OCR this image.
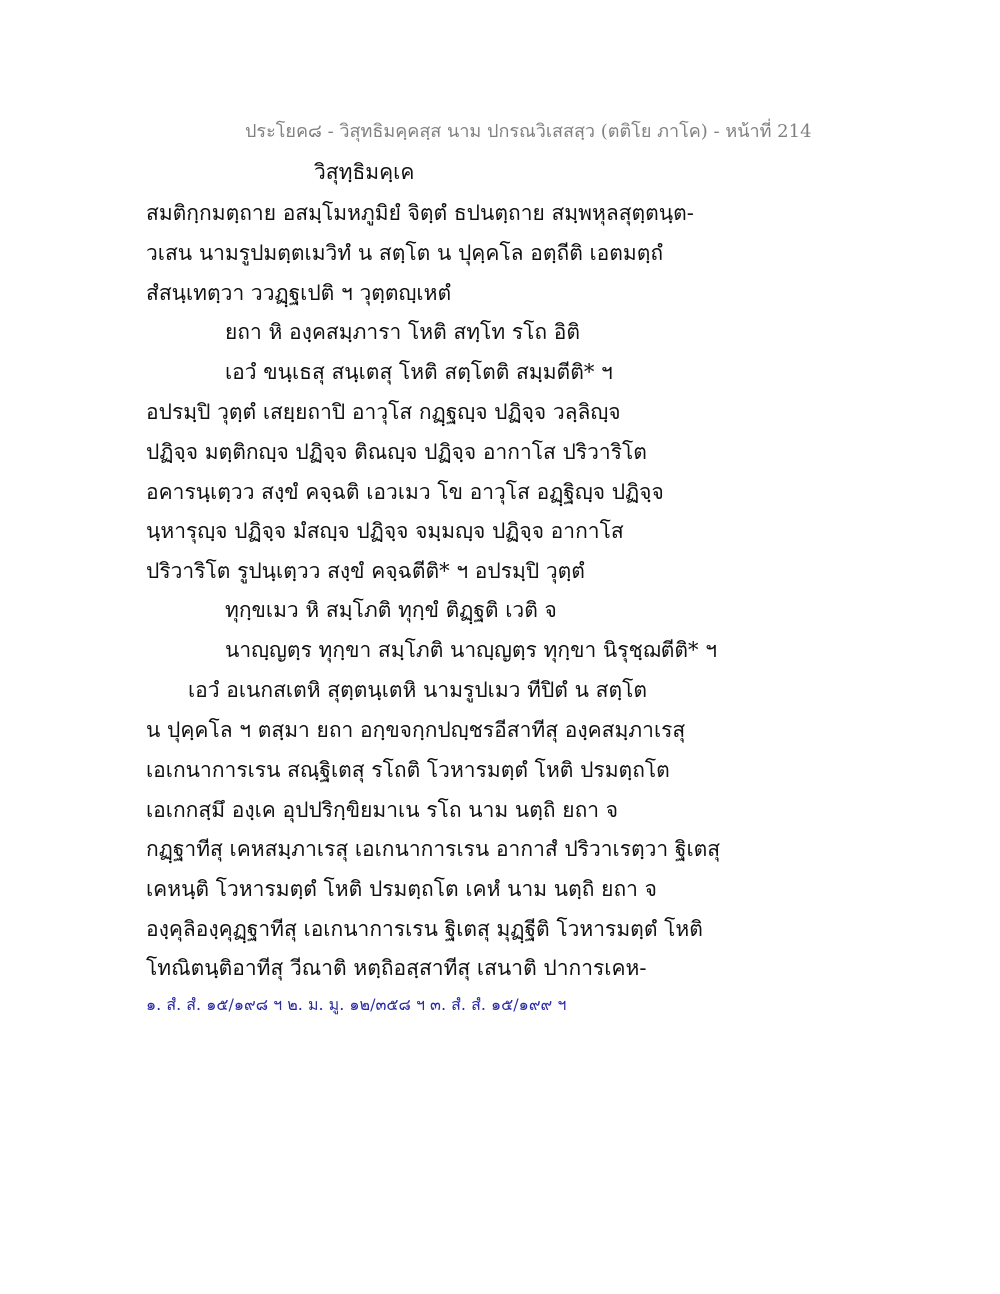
ประโยค๘ - วิสุทธิมคฺคสฺส นาม ปกรณวิเสสสฺว (ตติโย ภาโค) - หน้าที่ 214
วิสุทฺธิมคฺเค
สมติกฺกมตฺถาย อสมฺโมหภูมิยํ จิตฺตํ ธปนตฺถาย สมฺพหุลสุตฺตนฺต-
วเสน นามรูปมตฺตเมวิทํ น สตฺโต น ปุคฺคโล อตฺถีติ เอตมตฺถํ
สํสนฺเทตฺวา ววฏฺฐเปติ ฯ วุตฺตญฺเหตํ
ยถา หิ องฺคสมฺภารา โหติ สทฺโท รโถ อิติ
เอวํ ขนฺเธสุ สนฺเตสุ โหติ สตฺโตติ สมฺมตีติ* ฯ
อปรมฺปิ วุตฺตํ เสยฺยถาปิ อาวุโส กฏฺฐญฺจ ปฏิจฺจ วลฺลิญฺจ
ปฏิจฺจ มตฺติกญฺจ ปฏิจฺจ ติณญฺจ ปฏิจฺจ อากาโส ปริวาริโต
อคารนฺเตฺวว สงฺขํ คจฺฉติ เอวเมว โข อาวุโส อฏฺฐิญฺจ ปฏิจฺจ
นฺหารุญฺจ ปฏิจฺจ มํสญฺจ ปฏิจฺจ จมฺมญฺจ ปฏิจฺจ อากาโส
ปริวาริโต รูปนฺเตฺวว สงฺขํ คจฺฉตีติ* ฯ อปรมฺปิ วุตฺตํ
ทุกฺขเมว หิ สมฺโภติ ทุกฺขํ ติฏฺฐติ เวติ จ
นาญฺญตฺร ทุกฺขา สมฺโภติ นาญฺญตฺร ทุกฺขา นิรุชฺฌตีติ* ฯ
เอวํ อเนกสเตหิ สุตฺตนฺเตหิ นามรูปเมว ทีปิตํ น สตฺโต
น ปุคฺคโล ฯ ตสฺมา ยถา อกฺขจกฺกปญฺชรอีสาทีสุ องฺคสมฺภาเรสุ
เอเกนาการเรน สณฺฐิเตสุ รโถติ โวหารมตฺตํ โหติ ปรมตฺถโต
เอเกกสฺมึ องฺเค อุปปริกฺขิยมาเน รโถ นาม นตฺถิ ยถา จ
กฏฺฐาทีสุ เคหสมฺภาเรสุ เอเกนาการเรน อากาสํ ปริวาเรตฺวา ฐิเตสุ
เคหนฺติ โวหารมตฺตํ โหติ ปรมตฺถโต เคหํ นาม นตฺถิ ยถา จ
องฺคุลิองฺคุฏฺฐาทีสุ เอเกนาการเรน ฐิเตสุ มุฏฺฐีติ โวหารมตฺตํ โหติ
โทณิตนฺติอาทีสุ วีณาติ หตฺถิอสฺสาทีสุ เสนาติ ปาการเคห-
๑. สํ. สํ. ๑๕/๑๙๘ ฯ ๒. ม. มู. ๑๒/๓๕๘ ฯ ๓. สํ. สํ. ๑๕/๑๙๙ ฯ
